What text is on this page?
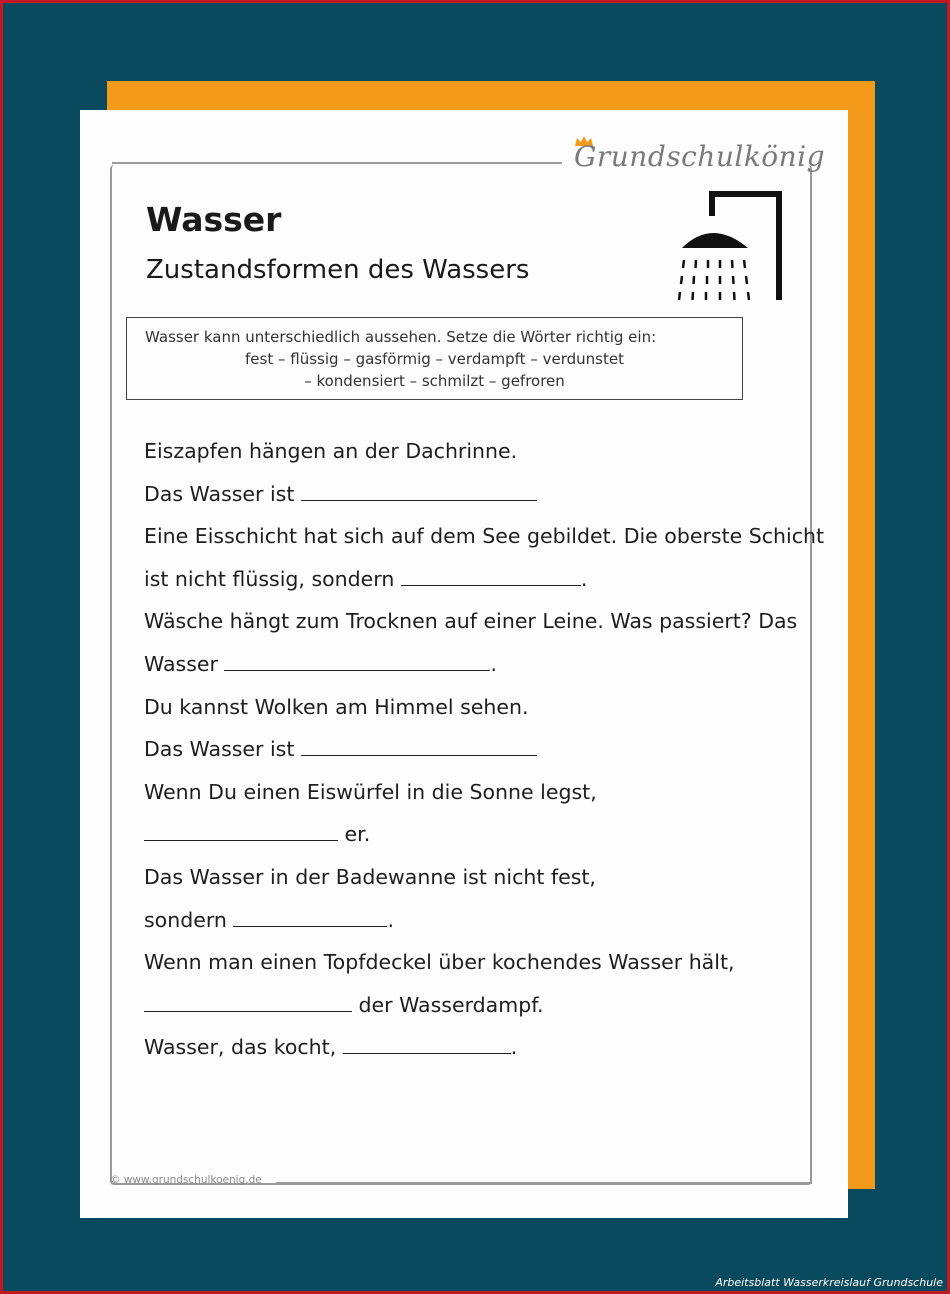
Grundschulkönig
Wasser
Zustandsformen des Wassers
Wasser kann unterschiedlich aussehen. Setze die Wörter richtig ein:
fest – flüssig – gasförmig – verdampft – verdunstet
– kondensiert – schmilzt – gefroren
Eiszapfen hängen an der Dachrinne.
Das Wasser ist
Eine Eisschicht hat sich auf dem See gebildet. Die oberste Schicht
ist nicht flüssig, sondern	.
Wäsche hängt zum Trocknen auf einer Leine. Was passiert? Das
Wasser	.
Du kannst Wolken am Himmel sehen.
Das Wasser ist
Wenn Du einen Eiswürfel in die Sonne legst,
er.
Das Wasser in der Badewanne ist nicht fest,
sondern	.
Wenn man einen Topfdeckel über kochendes Wasser hält,
der Wasserdampf.
Wasser, das kocht,	.
© www.grundschulkoenig.de
Arbeitsblatt Wasserkreislauf Grundschule
